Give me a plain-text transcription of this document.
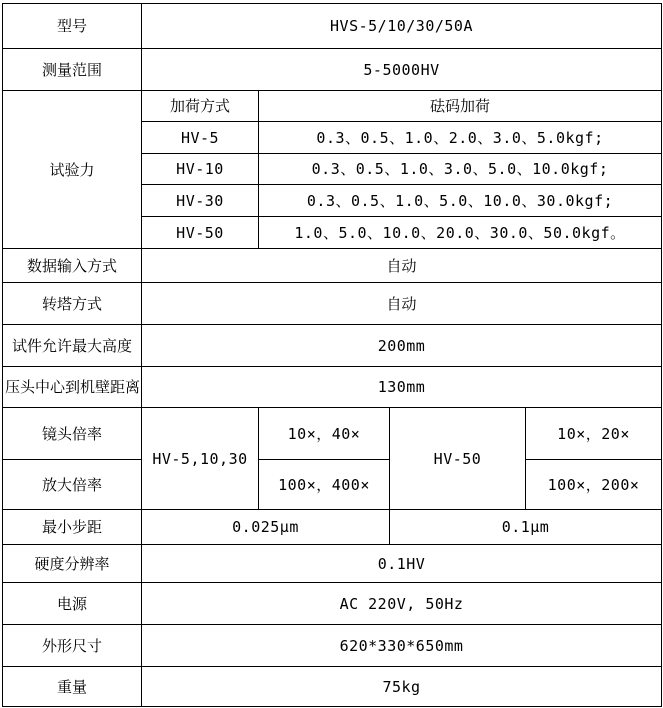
型号	HVS-5/10/30/50A			
测量范围	5-5000HV			
试验力	加荷方式	砝码加荷		
	HV-5	0.3、0.5、1.0、2.0、3.0、5.0kgf;		
	HV-10	0.3、0.5、1.0、3.0、5.0、10.0kgf;		
	HV-30	0.3、0.5、1.0、5.0、10.0、30.0kgf;		
	HV-50	1.0、5.0、10.0、20.0、30.0、50.0kgf。		
数据输入方式	自动			
转塔方式	自动			
试件允许最大高度	200mm			
压头中心到机壁距离	130mm			
镜头倍率	HV-5,10,30	10×，40×	HV-50	10×，20×
放大倍率		100×，400×		100×，200×
最小步距	0.025μm		0.1μm	
硬度分辨率	0.1HV			
电源	AC 220V, 50Hz			
外形尺寸	620*330*650mm			
重量	75kg			
